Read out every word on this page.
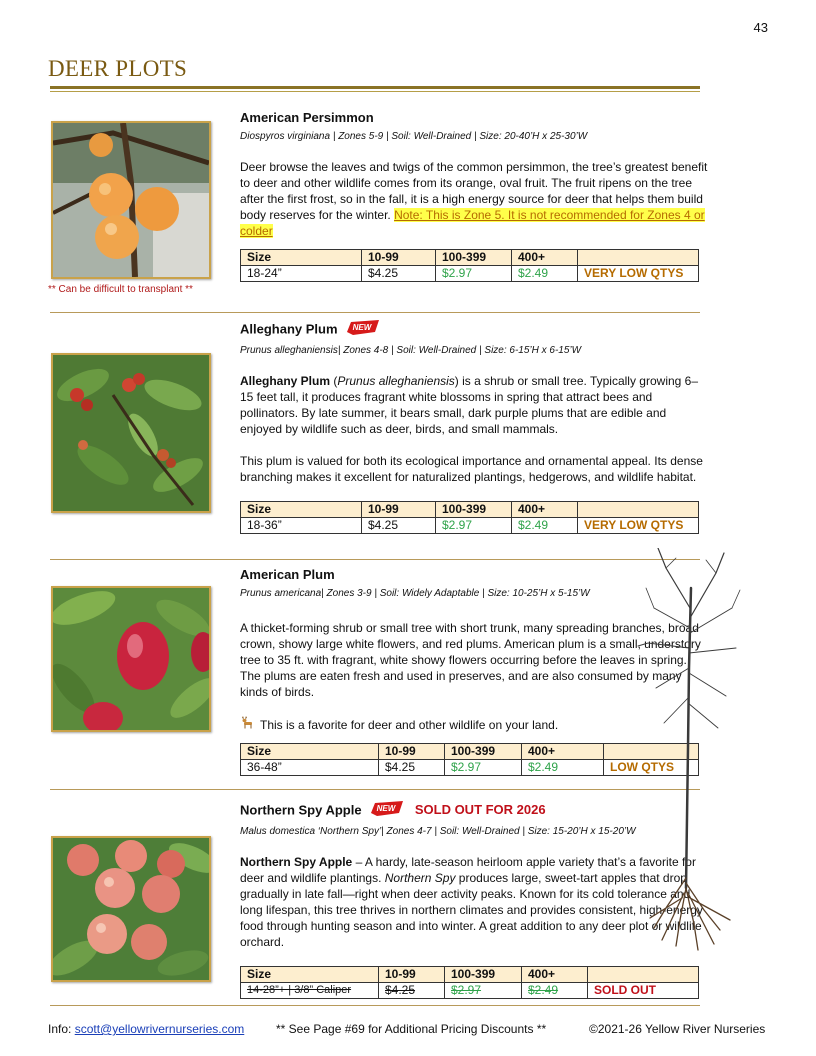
43
DEER PLOTS
** Can be difficult to transplant **
American Persimmon
Diospyros virginiana | Zones 5-9 | Soil: Well-Drained | Size: 20-40’H x 25-30’W
Deer browse the leaves and twigs of the common persimmon, the tree’s greatest benefit to deer and other wildlife comes from its orange, oval fruit. The fruit ripens on the tree after the first frost, so in the fall, it is a high energy source for deer that helps them build body reserves for the winter. Note: This is Zone 5. It is not recommended for Zones 4 or colder
Size	10-99	100-399	400+	
18-24”	$4.25	$2.97	$2.49	VERY LOW QTYS
Alleghany Plum NEW
Prunus alleghaniensis| Zones 4-8 | Soil: Well-Drained | Size: 6-15’H x 6-15’W

Alleghany Plum (Prunus alleghaniensis) is a shrub or small tree. Typically growing 6–15 feet tall, it produces fragrant white blossoms in spring that attract bees and pollinators. By late summer, it bears small, dark purple plums that are edible and enjoyed by wildlife such as deer, birds, and small mammals.

This plum is valued for both its ecological importance and ornamental appeal. Its dense branching makes it excellent for naturalized plantings, hedgerows, and wildlife habitat.

Size	10-99	100-399	400+	
18-36”	$4.25	$2.97	$2.49	VERY LOW QTYS
American Plum
Prunus americana| Zones 3-9 | Soil: Widely Adaptable | Size: 10-25’H x 5-15’W

A thicket-forming shrub or small tree with short trunk, many spreading branches, broad crown, showy large white flowers, and red plums. American plum is a small, understory tree to 35 ft. with fragrant, white showy flowers occurring before the leaves in spring. The plums are eaten fresh and used in preserves, and are also consumed by many kinds of birds.

This is a favorite for deer and other wildlife on your land.

Size	10-99	100-399	400+	
36-48”	$4.25	$2.97	$2.49	LOW QTYS
Northern Spy Apple NEW SOLD OUT FOR 2026
Malus domestica ‘Northern Spy’| Zones 4-7 | Soil: Well-Drained | Size: 15-20’H x 15-20’W

Northern Spy Apple – A hardy, late-season heirloom apple variety that’s a favorite for deer and wildlife plantings. Northern Spy produces large, sweet-tart apples that drop gradually in late fall—right when deer activity peaks. Known for its cold tolerance and long lifespan, this tree thrives in northern climates and provides consistent, high-energy food through hunting season and into winter. A great addition to any deer plot or wildlife orchard.

Size	10-99	100-399	400+	
14-28”+ | 3/8” Caliper	$4.25	$2.97	$2.49	SOLD OUT
Info: scott@yellowrivernurseries.com	** See Page #69 for Additional Pricing Discounts **	©2021-26 Yellow River Nurseries
